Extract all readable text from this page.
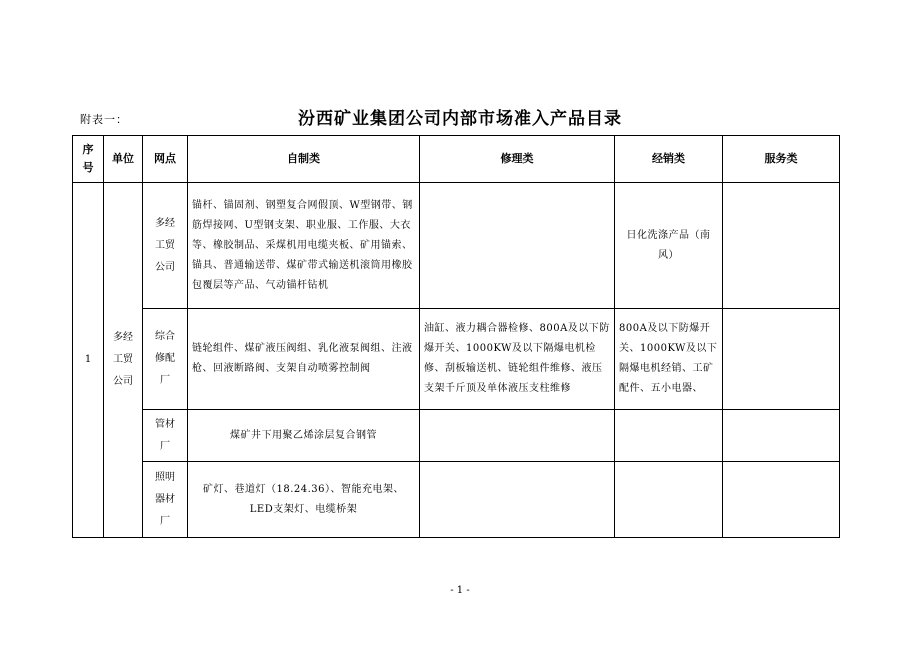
附表一：	汾西矿业集团公司内部市场准入产品目录
序号	单位	网点	自制类	修理类	经销类	服务类
1	多经工贸公司	多经工贸公司	锚杆、锚固剂、钢塑复合网假顶、W型钢带、钢筋焊接网、U型钢支架、职业服、工作服、大衣等、橡胶制品、采煤机用电缆夹板、矿用锚索、锚具、普通输送带、煤矿带式输送机滚筒用橡胶包覆层等产品、气动锚杆钻机		日化洗涤产品（南风）	

		综合修配厂	链轮组件、煤矿液压阀组、乳化液泵阀组、注液枪、回液断路阀、支架自动喷雾控制阀	油缸、液力耦合器检修、800A及以下防爆开关、1000KW及以下隔爆电机检修、刮板输送机、链轮组件维修、液压支架千斤顶及单体液压支柱维修	800A及以下防爆开关、1000KW及以下隔爆电机经销、工矿配件、五小电器、	

		管材厂	煤矿井下用聚乙烯涂层复合钢管			

		照明器材厂	矿灯、巷道灯（18.24.36）、智能充电架、LED支架灯、电缆桥架			

- 1 -
